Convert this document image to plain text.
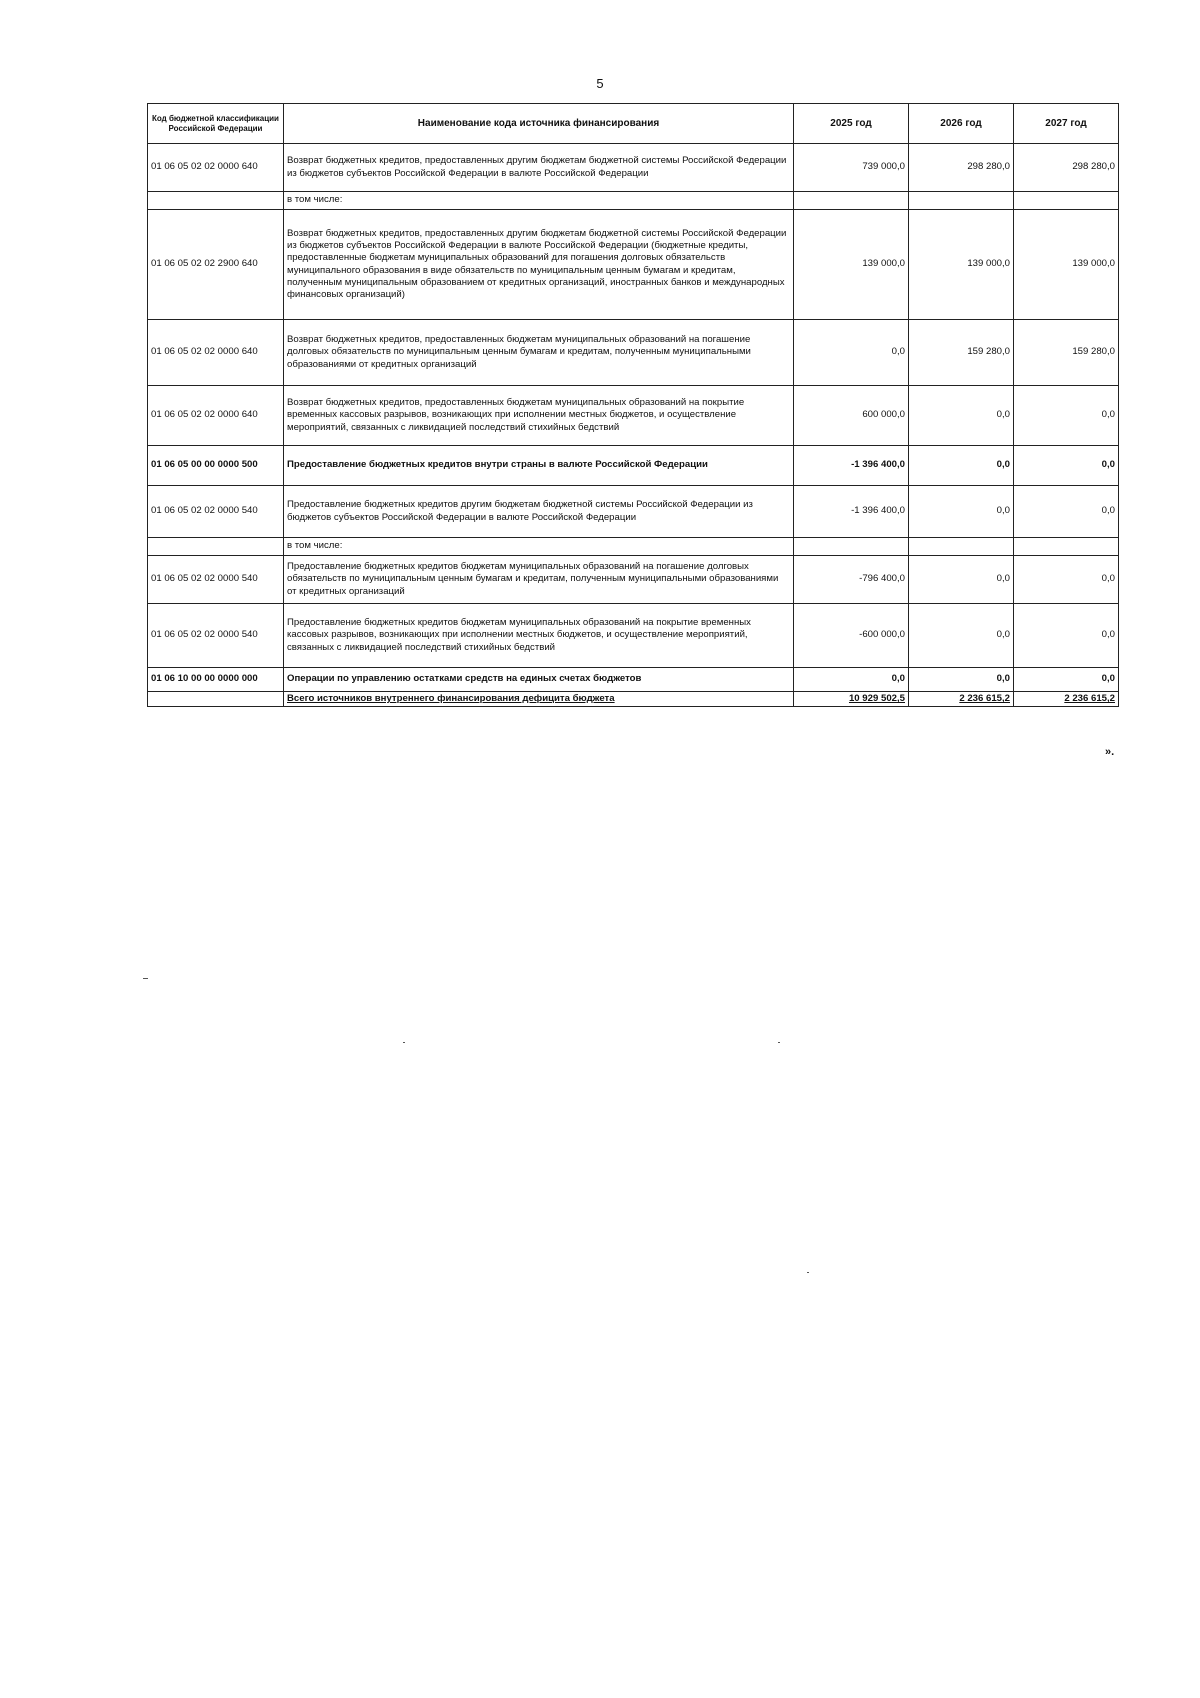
5
Код бюджетной классификации Российской Федерации	Наименование кода источника финансирования	2025 год	2026 год	2027 год
01 06 05 02 02 0000 640	Возврат бюджетных кредитов, предоставленных другим бюджетам бюджетной системы Российской Федерации из бюджетов субъектов Российской Федерации в валюте Российской Федерации	739 000,0	298 280,0	298 280,0
	в том числе:			
01 06 05 02 02 2900 640	Возврат бюджетных кредитов, предоставленных другим бюджетам бюджетной системы Российской Федерации из бюджетов субъектов Российской Федерации в валюте Российской Федерации (бюджетные кредиты, предоставленные бюджетам муниципальных образований для погашения долговых обязательств муниципального образования в виде обязательств по муниципальным ценным бумагам и кредитам, полученным муниципальным образованием от кредитных организаций, иностранных банков и международных финансовых организаций)	139 000,0	139 000,0	139 000,0
01 06 05 02 02 0000 640	Возврат бюджетных кредитов, предоставленных бюджетам муниципальных образований на погашение долговых обязательств по муниципальным ценным бумагам и кредитам, полученным муниципальными образованиями от кредитных организаций	0,0	159 280,0	159 280,0
01 06 05 02 02 0000 640	Возврат бюджетных кредитов, предоставленных бюджетам муниципальных образований на покрытие временных кассовых разрывов, возникающих при исполнении местных бюджетов, и осуществление мероприятий, связанных с ликвидацией последствий стихийных бедствий	600 000,0	0,0	0,0
01 06 05 00 00 0000 500	Предоставление бюджетных кредитов внутри страны в валюте Российской Федерации	-1 396 400,0	0,0	0,0
01 06 05 02 02 0000 540	Предоставление бюджетных кредитов другим бюджетам бюджетной системы Российской Федерации из бюджетов субъектов Российской Федерации в валюте Российской Федерации	-1 396 400,0	0,0	0,0
	в том числе:			
01 06 05 02 02 0000 540	Предоставление бюджетных кредитов бюджетам муниципальных образований на погашение долговых обязательств по муниципальным ценным бумагам и кредитам, полученным муниципальными образованиями от кредитных организаций	-796 400,0	0,0	0,0
01 06 05 02 02 0000 540	Предоставление бюджетных кредитов бюджетам муниципальных образований на покрытие временных кассовых разрывов, возникающих при исполнении местных бюджетов, и осуществление мероприятий, связанных с ликвидацией последствий стихийных бедствий	-600 000,0	0,0	0,0
01 06 10 00 00 0000 000	Операции по управлению остатками средств на единых счетах бюджетов	0,0	0,0	0,0
	Всего источников внутреннего финансирования дефицита бюджета	10 929 502,5	2 236 615,2	2 236 615,2
».
